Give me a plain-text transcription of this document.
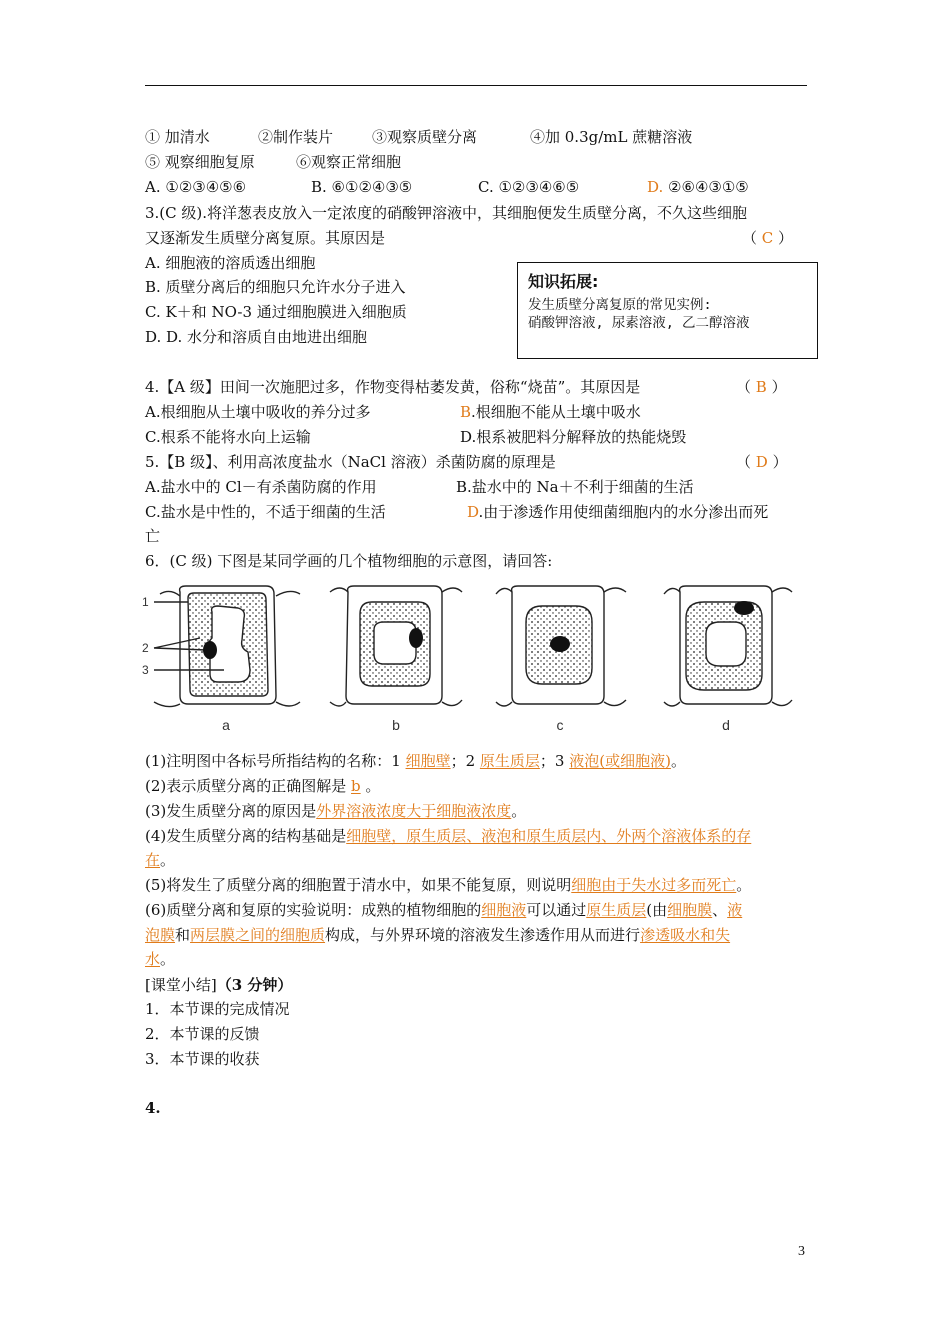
① 加清水	②制作装片	③观察质壁分离	④加 0.3g/mL 蔗糖溶液
⑤ 观察细胞复原	⑥观察正常细胞
A. ①②③④⑤⑥	B. ⑥①②④③⑤	C. ①②③④⑥⑤	D. ②⑥④③①⑤
3.(C 级).将洋葱表皮放入一定浓度的硝酸钾溶液中，其细胞便发生质壁分离，不久这些细胞
又逐渐发生质壁分离复原。其原因是	（ C ）
A. 细胞液的溶质透出细胞
B. 质壁分离后的细胞只允许水分子进入
C. K＋和 NO-3 通过细胞膜进入细胞质
D. D. 水分和溶质自由地进出细胞
知识拓展:
发生质壁分离复原的常见实例:
硝酸钾溶液, 尿素溶液, 乙二醇溶液
4.【A 级】田间一次施肥过多，作物变得枯萎发黄，俗称“烧苗”。其原因是	（ B ）
A.根细胞从土壤中吸收的养分过多	B.根细胞不能从土壤中吸水
C.根系不能将水向上运输	D.根系被肥料分解释放的热能烧毁
5.【B 级】、利用高浓度盐水（NaCl 溶液）杀菌防腐的原理是	（ D ）
A.盐水中的 Cl－有杀菌防腐的作用	B.盐水中的 Na＋不利于细菌的生活
C.盐水是中性的，不适于细菌的生活	D.由于渗透作用使细菌细胞内的水分渗出而死
亡
6．(C 级) 下图是某同学画的几个植物细胞的示意图，请回答:
1
2
3
a	b	c	d
(1)注明图中各标号所指结构的名称：1 细胞壁；2 原生质层；3 液泡(或细胞液)。
(2)表示质壁分离的正确图解是 b 。
(3)发生质壁分离的原因是外界溶液浓度大于细胞液浓度。
(4)发生质壁分离的结构基础是细胞壁，原生质层、液泡和原生质层内、外两个溶液体系的存
在。
(5)将发生了质壁分离的细胞置于清水中，如果不能复原，则说明细胞由于失水过多而死亡。
(6)质壁分离和复原的实验说明：成熟的植物细胞的细胞液可以通过原生质层(由细胞膜、液
泡膜和两层膜之间的细胞质构成，与外界环境的溶液发生渗透作用从而进行渗透吸水和失
水。
[课堂小结]（3 分钟）
1．本节课的完成情况
2．本节课的反馈
3．本节课的收获
4.
3
